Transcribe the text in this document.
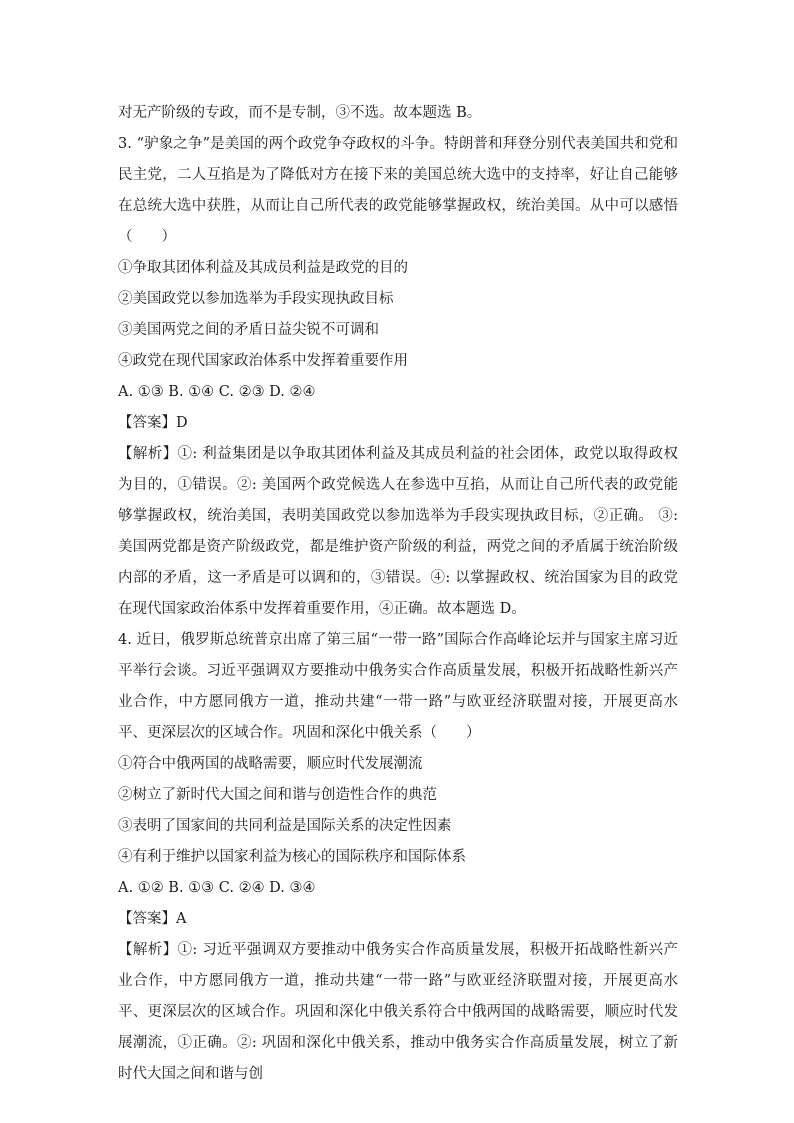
对无产阶级的专政，而不是专制，③不选。故本题选 B。

3. “驴象之争”是美国的两个政党争夺政权的斗争。特朗普和拜登分别代表美国共和党和民主党，二人互掐是为了降低对方在接下来的美国总统大选中的支持率，好让自己能够在总统大选中获胜，从而让自己所代表的政党能够掌握政权，统治美国。从中可以感悟（　　）

①争取其团体利益及其成员利益是政党的目的
②美国政党以参加选举为手段实现执政目标
③美国两党之间的矛盾日益尖锐不可调和
④政党在现代国家政治体系中发挥着重要作用
A. ①③ B. ①④ C. ②③ D. ②④
【答案】D

【解析】①: 利益集团是以争取其团体利益及其成员利益的社会团体，政党以取得政权为目的，①错误。②: 美国两个政党候选人在参选中互掐，从而让自己所代表的政党能够掌握政权，统治美国，表明美国政党以参加选举为手段实现执政目标，②正确。 ③: 美国两党都是资产阶级政党，都是维护资产阶级的利益，两党之间的矛盾属于统治阶级内部的矛盾，这一矛盾是可以调和的，③错误。④: 以掌握政权、统治国家为目的政党在现代国家政治体系中发挥着重要作用，④正确。故本题选 D。

4. 近日，俄罗斯总统普京出席了第三届“一带一路”国际合作高峰论坛并与国家主席习近平举行会谈。习近平强调双方要推动中俄务实合作高质量发展，积极开拓战略性新兴产业合作，中方愿同俄方一道，推动共建“一带一路”与欧亚经济联盟对接，开展更高水平、更深层次的区域合作。巩固和深化中俄关系（　　）

①符合中俄两国的战略需要，顺应时代发展潮流
②树立了新时代大国之间和谐与创造性合作的典范
③表明了国家间的共同利益是国际关系的决定性因素
④有利于维护以国家利益为核心的国际秩序和国际体系
A. ①② B. ①③ C. ②④ D. ③④
【答案】A

【解析】①: 习近平强调双方要推动中俄务实合作高质量发展，积极开拓战略性新兴产业合作，中方愿同俄方一道，推动共建“一带一路”与欧亚经济联盟对接，开展更高水平、更深层次的区域合作。巩固和深化中俄关系符合中俄两国的战略需要，顺应时代发展潮流，①正确。②: 巩固和深化中俄关系，推动中俄务实合作高质量发展，树立了新时代大国之间和谐与创
